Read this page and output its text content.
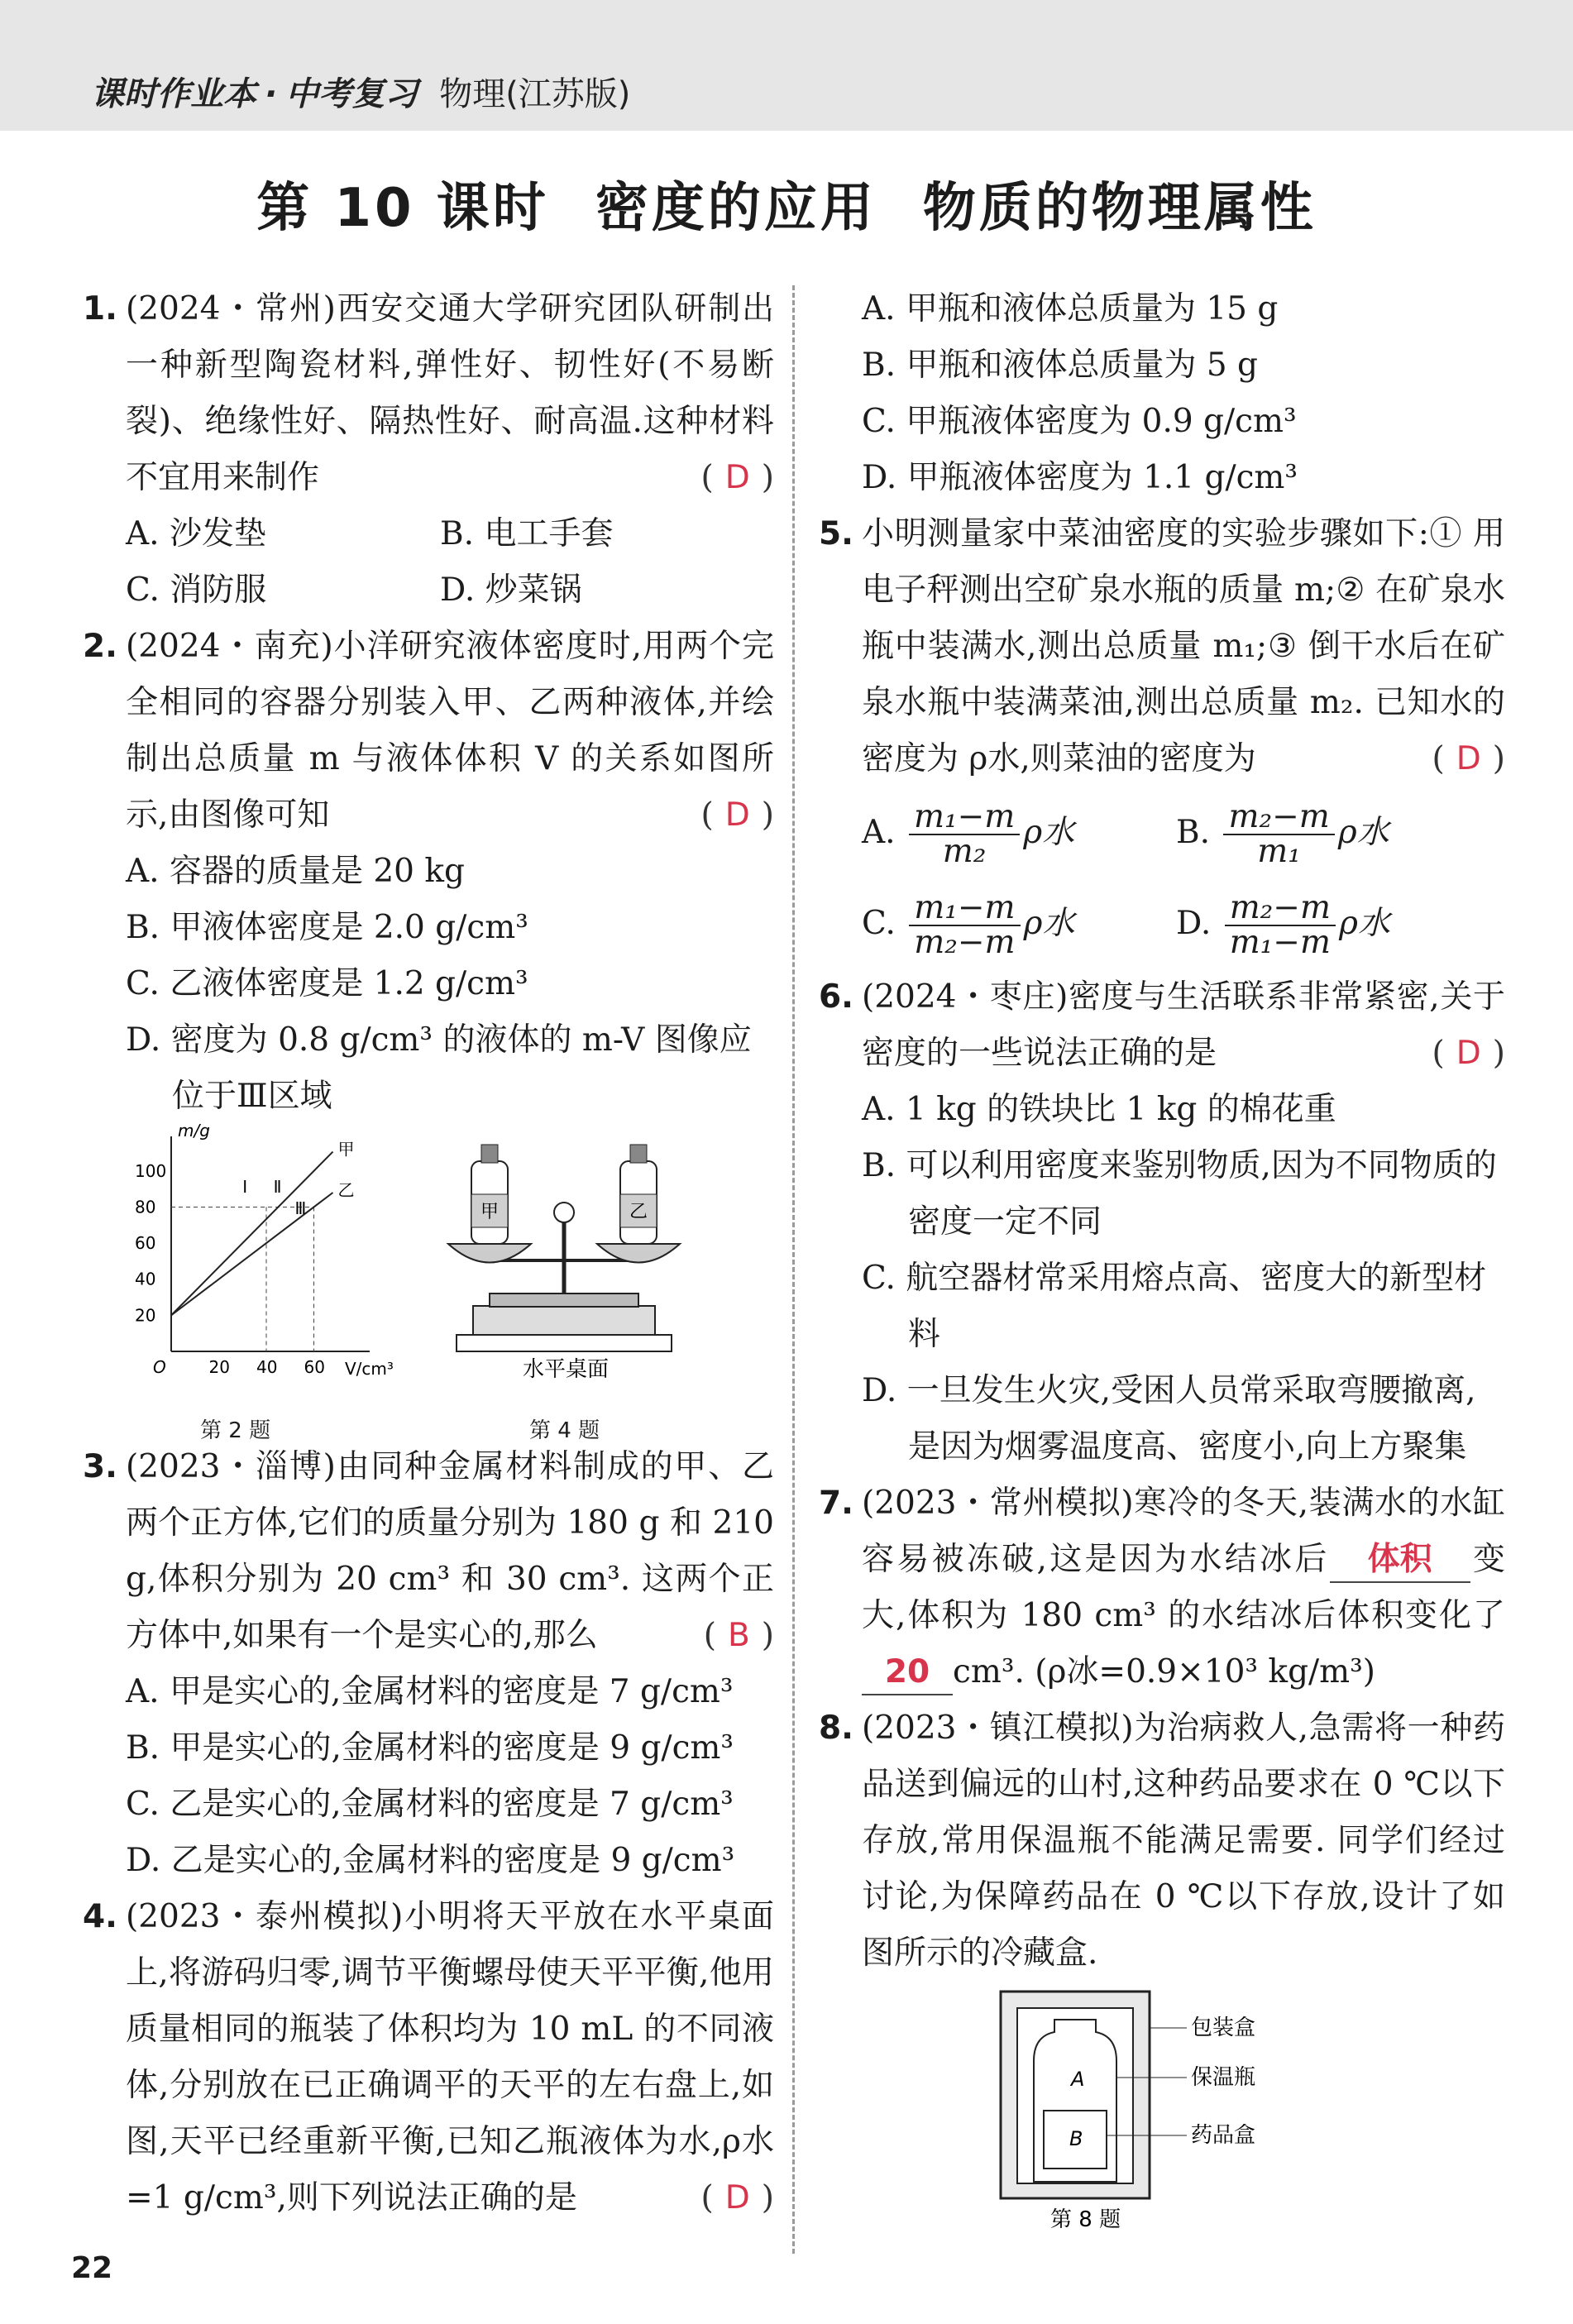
课时作业本 · 中考复习 物理(江苏版)
第 10 课时 密度的应用 物质的物理属性
1. (2024・常州)西安交通大学研究团队研制出一种新型陶瓷材料,弹性好、韧性好(不易断裂)、绝缘性好、隔热性好、耐高温.这种材料不宜用来制作	( D )
A. 沙发垫	B. 电工手套
C. 消防服	D. 炒菜锅
2. (2024・南充)小洋研究液体密度时,用两个完全相同的容器分别装入甲、乙两种液体,并绘制出总质量 m 与液体体积 V 的关系如图所示,由图像可知	( D )
A. 容器的质量是 20 kg
B. 甲液体密度是 2.0 g/cm³
C. 乙液体密度是 1.2 g/cm³
D. 密度为 0.8 g/cm³ 的液体的 m-V 图像应位于Ⅲ区域
V/cm³
m/g
O	20 40 60
20
40
60
80
100
甲
乙
Ⅰ Ⅱ
Ⅲ
第 2 题
甲	乙
水平桌面
第 4 题
3. (2023・淄博)由同种金属材料制成的甲、乙两个正方体,它们的质量分别为 180 g 和 210 g,体积分别为 20 cm³ 和 30 cm³. 这两个正方体中,如果有一个是实心的,那么	( B )
A. 甲是实心的,金属材料的密度是 7 g/cm³
B. 甲是实心的,金属材料的密度是 9 g/cm³
C. 乙是实心的,金属材料的密度是 7 g/cm³
D. 乙是实心的,金属材料的密度是 9 g/cm³
4. (2023・泰州模拟)小明将天平放在水平桌面上,将游码归零,调节平衡螺母使天平平衡,他用质量相同的瓶装了体积均为 10 mL 的不同液体,分别放在已正确调平的天平的左右盘上,如图,天平已经重新平衡,已知乙瓶液体为水,ρ水=1 g/cm³,则下列说法正确的是	( D )
A. 甲瓶和液体总质量为 15 g
B. 甲瓶和液体总质量为 5 g
C. 甲瓶液体密度为 0.9 g/cm³
D. 甲瓶液体密度为 1.1 g/cm³
5. 小明测量家中菜油密度的实验步骤如下:① 用电子秤测出空矿泉水瓶的质量 m;② 在矿泉水瓶中装满水,测出总质量 m₁;③ 倒干水后在矿泉水瓶中装满菜油,测出总质量 m₂. 已知水的密度为 ρ水,则菜油的密度为	( D )
A. $\frac{\text{m₁−m}}{\text{m₂}}$ ρ水	B. $\frac{\text{m₂−m}}{\text{m₁}}$ ρ水
C. $\frac{\text{m₁−m}}{\text{m₂−m}}$ ρ水	D. $\frac{\text{m₂−m}}{\text{m₁−m}}$ ρ水
6. (2024・枣庄)密度与生活联系非常紧密,关于密度的一些说法正确的是	( D )
A. 1 kg 的铁块比 1 kg 的棉花重
B. 可以利用密度来鉴别物质,因为不同物质的密度一定不同
C. 航空器材常采用熔点高、密度大的新型材料
D. 一旦发生火灾,受困人员常采取弯腰撤离,是因为烟雾温度高、密度小,向上方聚集
7. (2023・常州模拟)寒冷的冬天,装满水的水缸容易被冻破,这是因为水结冰后 体积 变大,体积为 180 cm³ 的水结冰后体积变化了 20 cm³. (ρ冰=0.9×10³ kg/m³)
8. (2023・镇江模拟)为治病救人,急需将一种药品送到偏远的山村,这种药品要求在 0 ℃以下存放,常用保温瓶不能满足需要. 同学们经过讨论,为保障药品在 0 ℃以下存放,设计了如图所示的冷藏盒.
A
B
包装盒
保温瓶
药品盒
第 8 题
22
